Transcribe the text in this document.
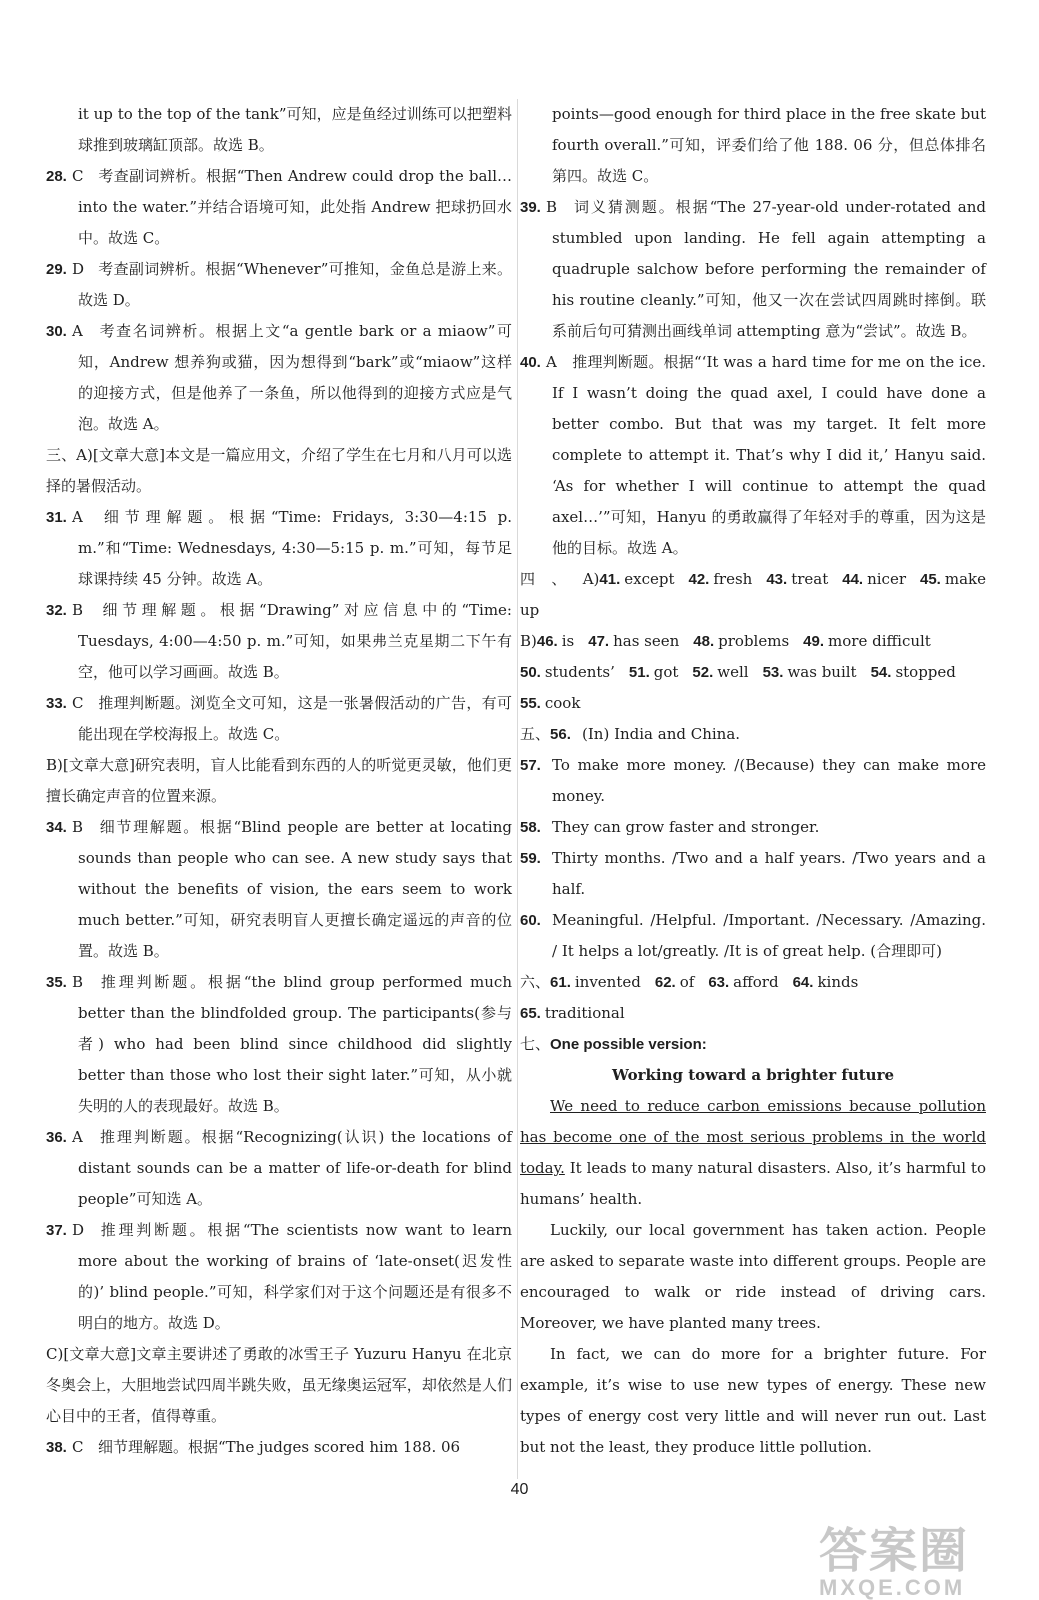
it up to the top of the tank”可知，应是鱼经过训练可以把塑料球推到玻璃缸顶部。故选 B。

28. C 考查副词辨析。根据“Then Andrew could drop the ball…into the water.”并结合语境可知，此处指 Andrew 把球扔回水中。故选 C。

29. D 考查副词辨析。根据“Whenever”可推知，金鱼总是游上来。故选 D。

30. A 考查名词辨析。根据上文“a gentle bark or a miaow”可知，Andrew 想养狗或猫，因为想得到“bark”或“miaow”这样的迎接方式，但是他养了一条鱼，所以他得到的迎接方式应是气泡。故选 A。

三、A)[文章大意]本文是一篇应用文，介绍了学生在七月和八月可以选择的暑假活动。

31. A 细节理解题。根据“Time: Fridays, 3:30—4:15 p. m.”和“Time: Wednesdays, 4:30—5:15 p. m.”可知，每节足球课持续 45 分钟。故选 A。

32. B 细节理解题。根据“Drawing”对应信息中的“Time: Tuesdays, 4:00—4:50 p. m.”可知，如果弗兰克星期二下午有空，他可以学习画画。故选 B。

33. C 推理判断题。浏览全文可知，这是一张暑假活动的广告，有可能出现在学校海报上。故选 C。

B)[文章大意]研究表明，盲人比能看到东西的人的听觉更灵敏，他们更擅长确定声音的位置来源。

34. B 细节理解题。根据“Blind people are better at locating sounds than people who can see. A new study says that without the benefits of vision, the ears seem to work much better.”可知，研究表明盲人更擅长确定遥远的声音的位置。故选 B。

35. B 推理判断题。根据“the blind group performed much better than the blindfolded group. The participants(参与者) who had been blind since childhood did slightly better than those who lost their sight later.”可知，从小就失明的人的表现最好。故选 B。

36. A 推理判断题。根据“Recognizing(认识) the locations of distant sounds can be a matter of life-or-death for blind people”可知选 A。

37. D 推理判断题。根据“The scientists now want to learn more about the working of brains of ‘late-onset(迟发性的)’ blind people.”可知，科学家们对于这个问题还是有很多不明白的地方。故选 D。

C)[文章大意]文章主要讲述了勇敢的冰雪王子 Yuzuru Hanyu 在北京冬奥会上，大胆地尝试四周半跳失败，虽无缘奥运冠军，却依然是人们心目中的王者，值得尊重。

38. C 细节理解题。根据“The judges scored him 188. 06

points—good enough for third place in the free skate but fourth overall.”可知，评委们给了他 188. 06 分，但总体排名第四。故选 C。

39. B 词义猜测题。根据“The 27-year-old under-rotated and stumbled upon landing. He fell again attempting a quadruple salchow before performing the remainder of his routine cleanly.”可知，他又一次在尝试四周跳时摔倒。联系前后句可猜测出画线单词 attempting 意为“尝试”。故选 B。

40. A 推理判断题。根据“‘It was a hard time for me on the ice. If I wasn’t doing the quad axel, I could have done a better combo. But that was my target. It felt more complete to attempt it. That’s why I did it,’ Hanyu said. ‘As for whether I will continue to attempt the quad axel…’”可知，Hanyu 的勇敢赢得了年轻对手的尊重，因为这是他的目标。故选 A。

四、A)41. except 42. fresh 43. treat 44. nicer 45. make up

B)46. is 47. has seen 48. problems 49. more difficult

50. students’ 51. got 52. well 53. was built 54. stopped

55. cook

五、56. (In) India and China.

57. To make more money. /(Because) they can make more money.

58. They can grow faster and stronger.

59. Thirty months. /Two and a half years. /Two years and a half.

60. Meaningful. /Helpful. /Important. /Necessary. /Amazing. / It helps a lot/greatly. /It is of great help. (合理即可)

六、61. invented 62. of 63. afford 64. kinds

65. traditional

七、One possible version:

Working toward a brighter future

We need to reduce carbon emissions because pollution has become one of the most serious problems in the world today. It leads to many natural disasters. Also, it’s harmful to humans’ health.

Luckily, our local government has taken action. People are asked to separate waste into different groups. People are encouraged to walk or ride instead of driving cars. Moreover, we have planted many trees.

In fact, we can do more for a brighter future. For example, it’s wise to use new types of energy. These new types of energy cost very little and will never run out. Last but not the least, they produce little pollution.

40
答案圈
MXQE.COM
